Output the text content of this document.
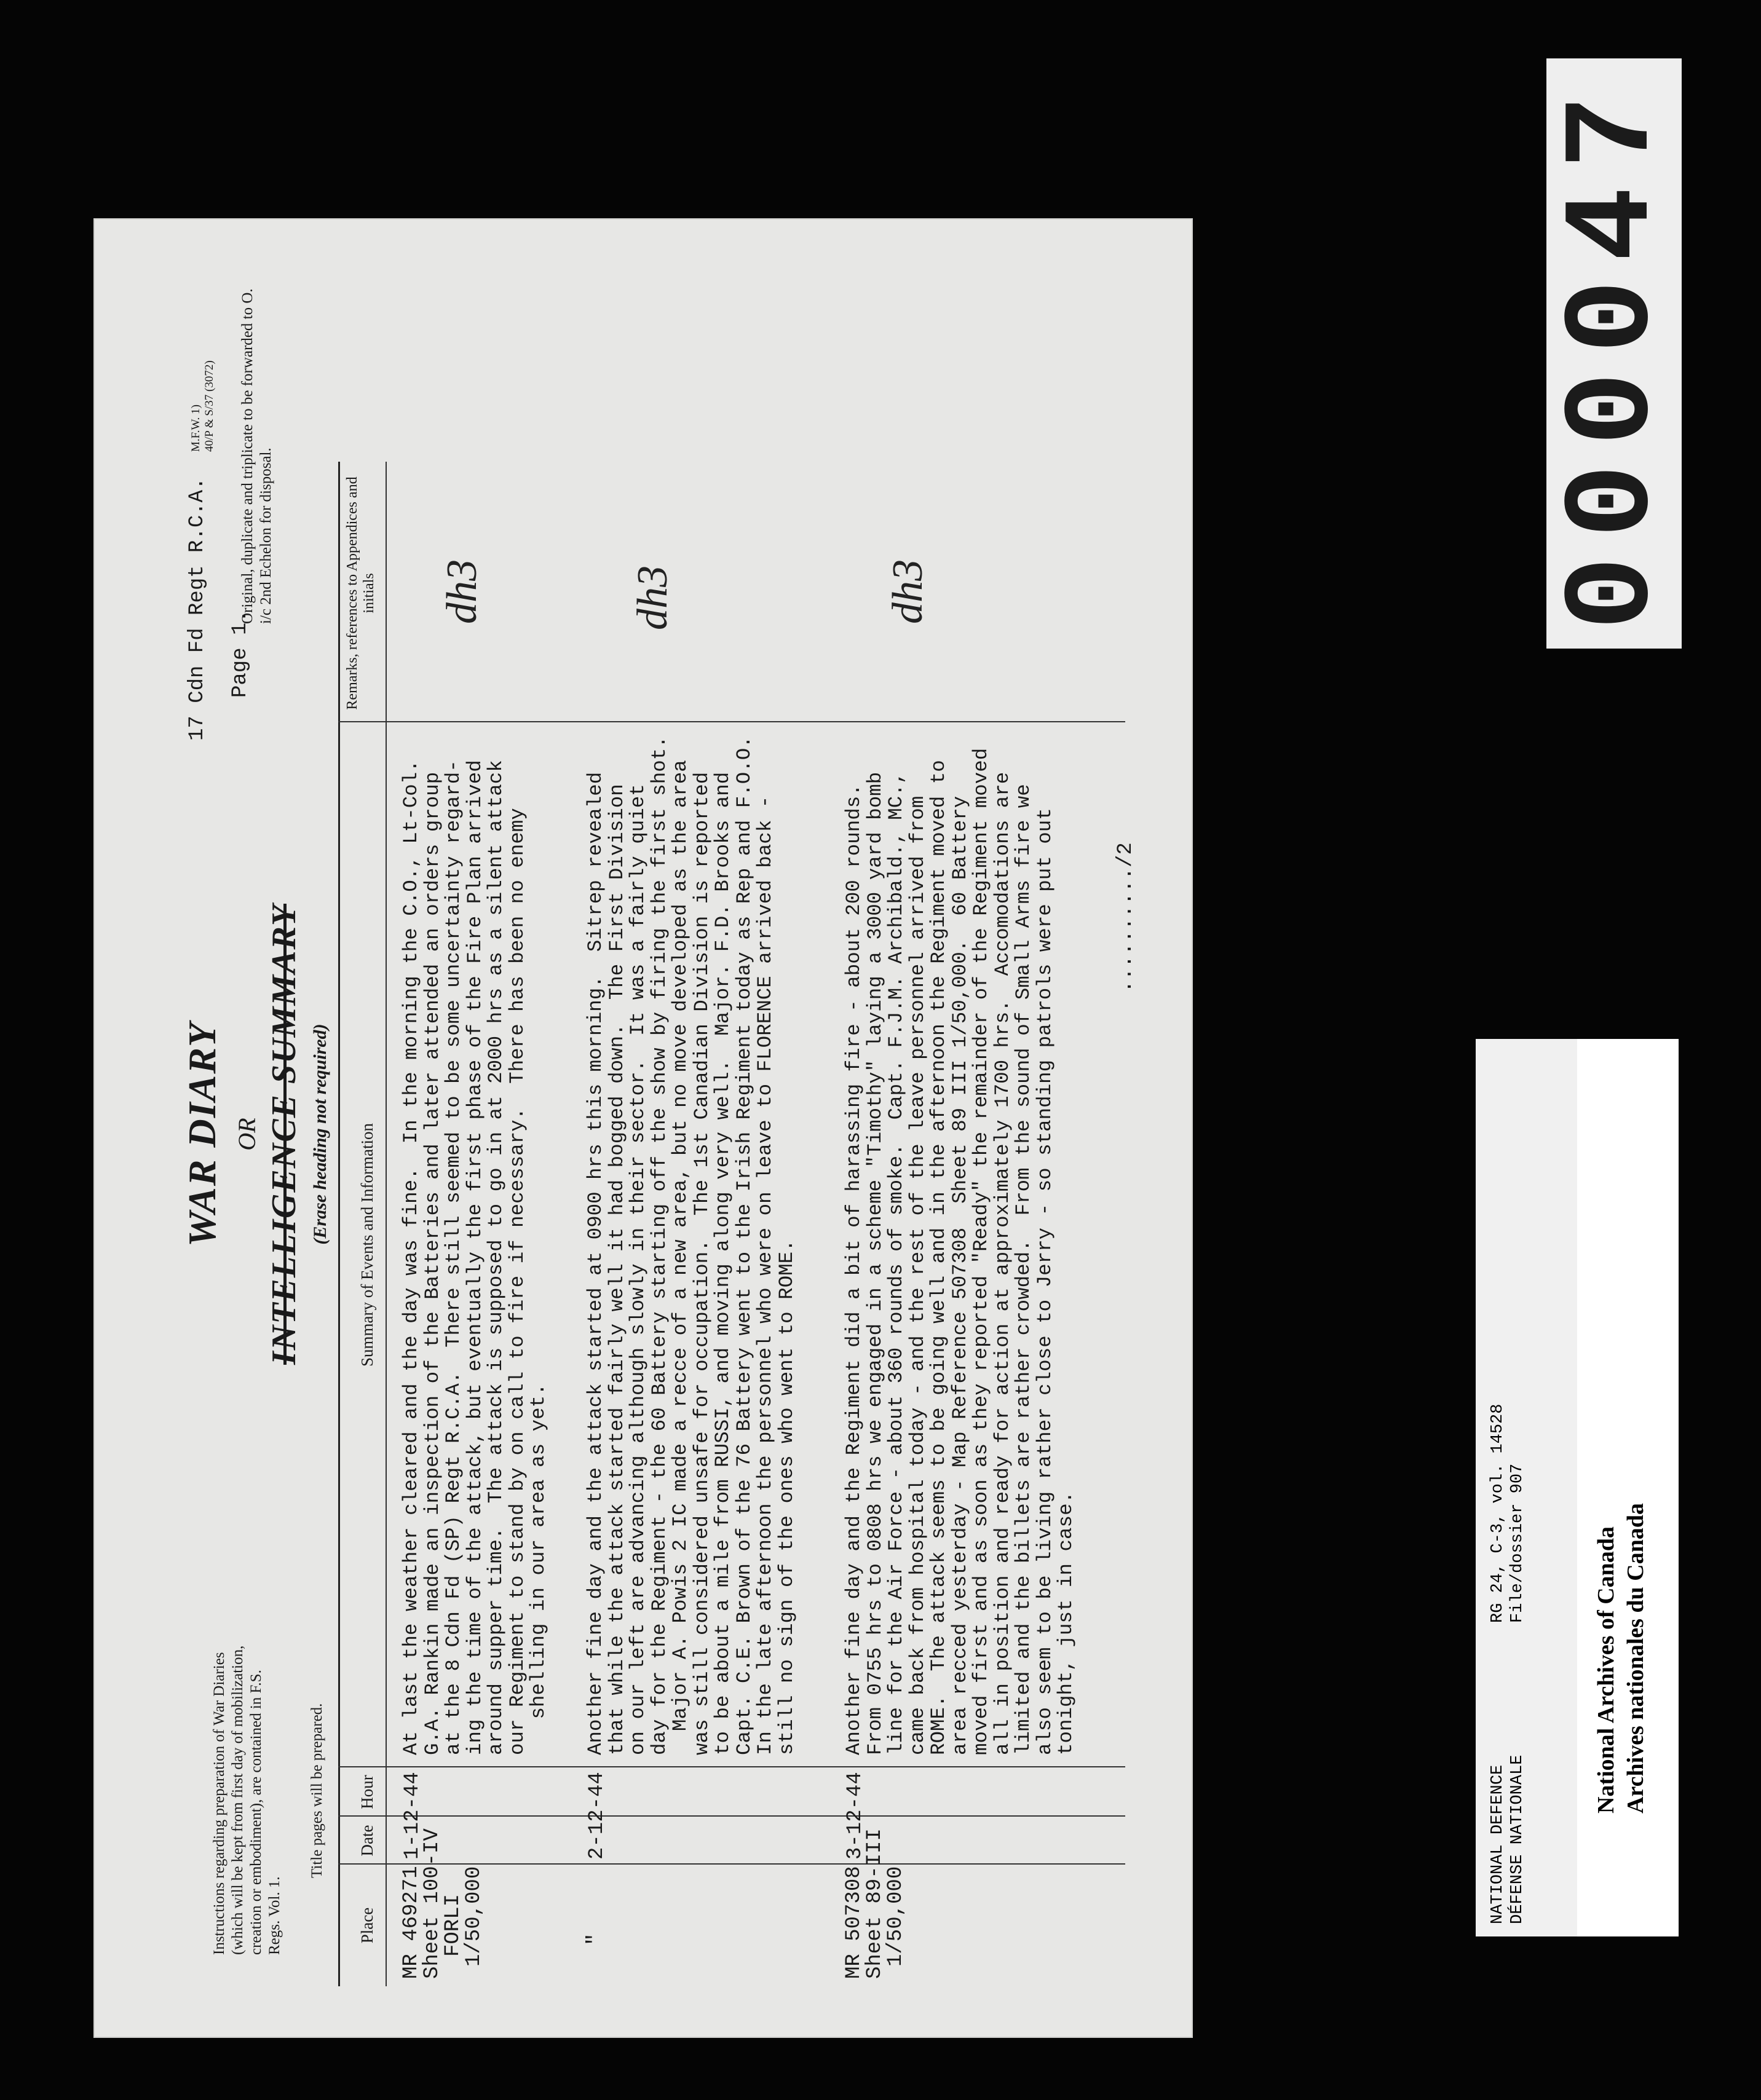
M.F.W. 1) 40/P & S/37 (3072)
Instructions regarding preparation of War Diaries (which will be kept from first day of mobilization, creation or embodiment), are contained in F.S. Regs. Vol. 1.
Title pages will be prepared.
WAR DIARY OR INTELLIGENCE SUMMARY (Erase heading not required)
17 Cdn Fd Regt R.C.A. Page 1.
Original, duplicate and triplicate to be forwarded to O. i/c 2nd Echelon for disposal.
Place
Date
Hour
Summary of Events and Information
Remarks, references to Appendices and initials
MR 469271
Sheet 100-IV
FORLI
1/50,000
1-12-44
At last the weather cleared and the day was fine.  In the morning the C.O., Lt-Col.
G.A. Rankin made an inspection of the Batteries and later attended an orders group
at the 8 Cdn Fd (SP) Regt R.C.A.  There still seemed to be some uncertainty regard-
ing the time of the attack, but eventually the first phase of the Fire Plan arrived
around supper time.  The attack is supposed to go in at 2000 hrs as a silent attack
our Regiment to stand by on call to fire if necessary.  There has been no enemy
shelling in our area as yet.
dh3
"
2-12-44
Another fine day and the attack started at 0900 hrs this morning.  Sitrep revealed
that while the attack started fairly well it had bogged down.  The First Division
on our left are advancing although slowly in their sector.  It was a fairly quiet
day for the Regiment - the 60 Battery starting off the show by firing the first shot.
Major A. Powis 2 IC made a recce of a new area, but no move developed as the area
was still considered unsafe for occupation.  The 1st Canadian Division is reported
to be about a mile from RUSSI, and moving along very well.  Major. F.D. Brooks and
Capt. C.E. Brown of the 76 Battery went to the Irish Regiment today as Rep and F.O.O.
In the late afternoon the personnel who were on leave to FLORENCE arrived back -
still no sign of the ones who went to ROME.
dh3
MR 507308
Sheet 89-III
1/50,000
3-12-44
Another fine day and the Regiment did a bit of harassing fire - about 200 rounds.
From 0755 hrs to 0808 hrs we engaged in a scheme "Timothy" laying a 3000 yard bomb
line for the Air Force - about 360 rounds of smoke.  Capt. F.J.M. Archibald., MC.,
came back from hospital today - and the rest of the leave personnel arrived from
ROME.  The attack seems to be going well and in the afternoon the Regiment moved to
area recced yesterday - Map Reference 507308  Sheet 89 III 1/50,000.  60 Battery
moved first and as soon as they reported "Ready" the remainder of the Regiment moved
all in position and ready for action at approximately 1700 hrs.  Accomodations are
limited and the billets are rather crowded.  From the sound of Small Arms fire we
also seem to be living rather close to Jerry - so standing patrols were put out
tonight, just in case.
dh3
........../2
000047
NATIONAL DEFENCE DÉFENSE NATIONALE
RG 24, C-3, vol. 14528 File/dossier 907	National Archives of Canada Archives nationales du Canada
